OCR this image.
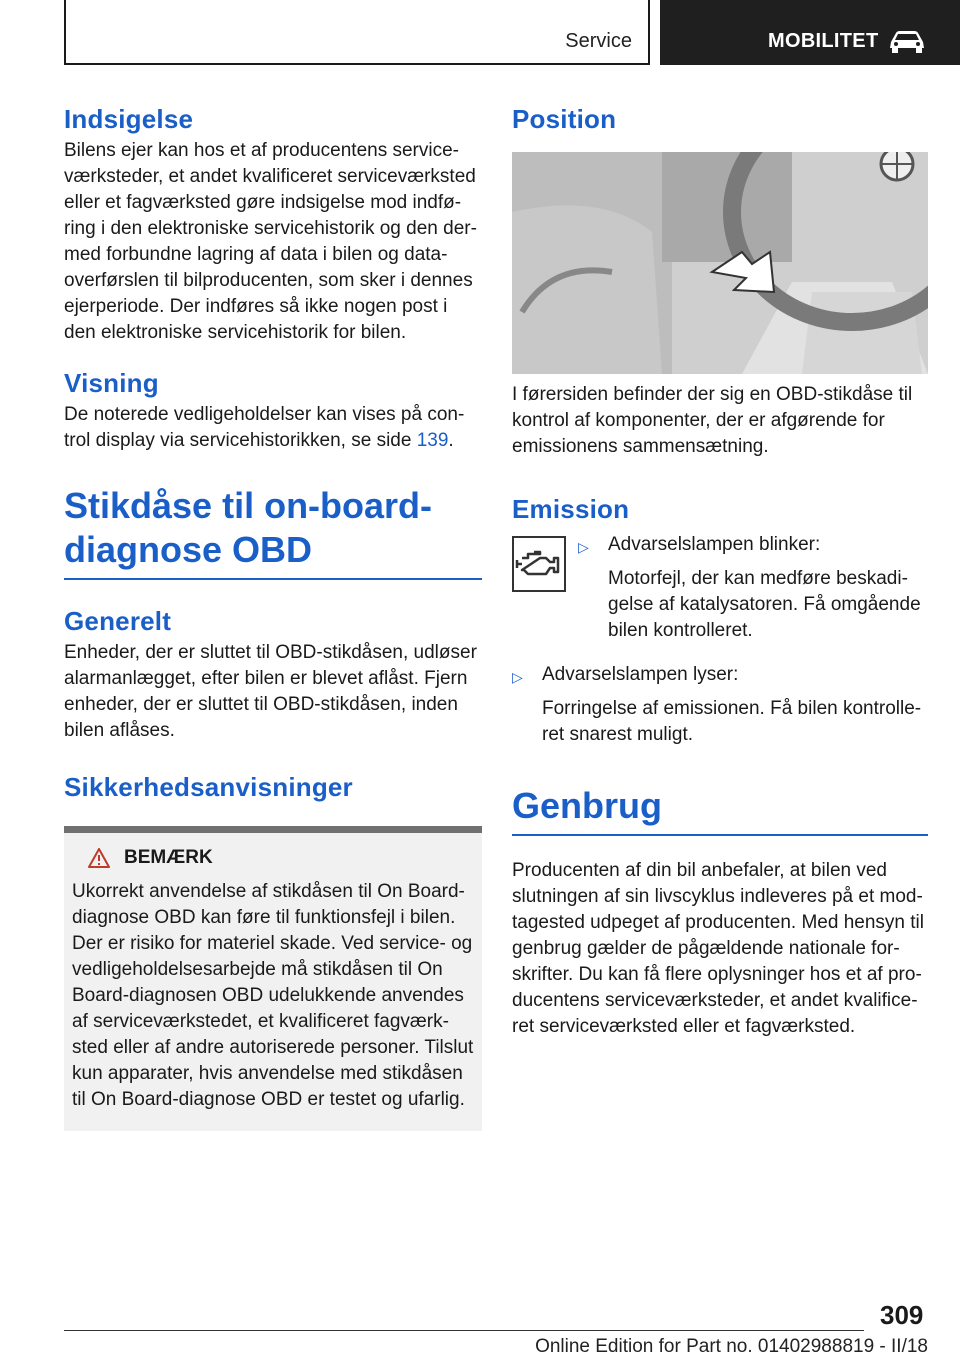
Service	MOBILITET
Indsigelse

Bilens ejer kan hos et af producentens serviceværksteder, et andet kvalificeret serviceværksted eller et fagværksted gøre indsigelse mod indføring i den elektroniske servicehistorik og den dermed forbundne lagring af data i bilen og dataoverførslen til bilproducenten, som sker i dennes ejerperiode. Der indføres så ikke nogen post i den elektroniske servicehistorik for bilen.

Visning

De noterede vedligeholdelser kan vises på control display via servicehistorikken, se side 139.

Stikdåse til on-board-diagnose OBD
Generelt

Enheder, der er sluttet til OBD-stikdåsen, udløser alarmanlægget, efter bilen er blevet aflåst. Fjern enheder, der er sluttet til OBD-stikdåsen, inden bilen aflåses.

Sikkerhedsanvisninger
BEMÆRK

Ukorrekt anvendelse af stikdåsen til On Board-diagnose OBD kan føre til funktionsfejl i bilen. Der er risiko for materiel skade. Ved service- og vedligeholdelsesarbejde må stikdåsen til On Board-diagnosen OBD udelukkende anvendes af serviceværkstedet, et kvalificeret fagværksted eller af andre autoriserede personer. Tilslut kun apparater, hvis anvendelse med stikdåsen til On Board-diagnose OBD er testet og ufarlig.

Position

I førersiden befinder der sig en OBD-stikdåse til kontrol af komponenter, der er afgørende for emissionens sammensætning.

Emission
▷	Advarselslampen blinker:
Motorfejl, der kan medføre beskadigelse af katalysatoren. Få omgående bilen kontrolleret.
▷	Advarselslampen lyser:
Forringelse af emissionen. Få bilen kontrolleret snarest muligt.
Genbrug

Producenten af din bil anbefaler, at bilen ved slutningen af sin livscyklus indleveres på et modtagested udpeget af producenten. Med hensyn til genbrug gælder de pågældende nationale forskrifter. Du kan få flere oplysninger hos et af producentens serviceværksteder, et andet kvalificeret serviceværksted eller et fagværksted.

309
Online Edition for Part no. 01402988819 - II/18
